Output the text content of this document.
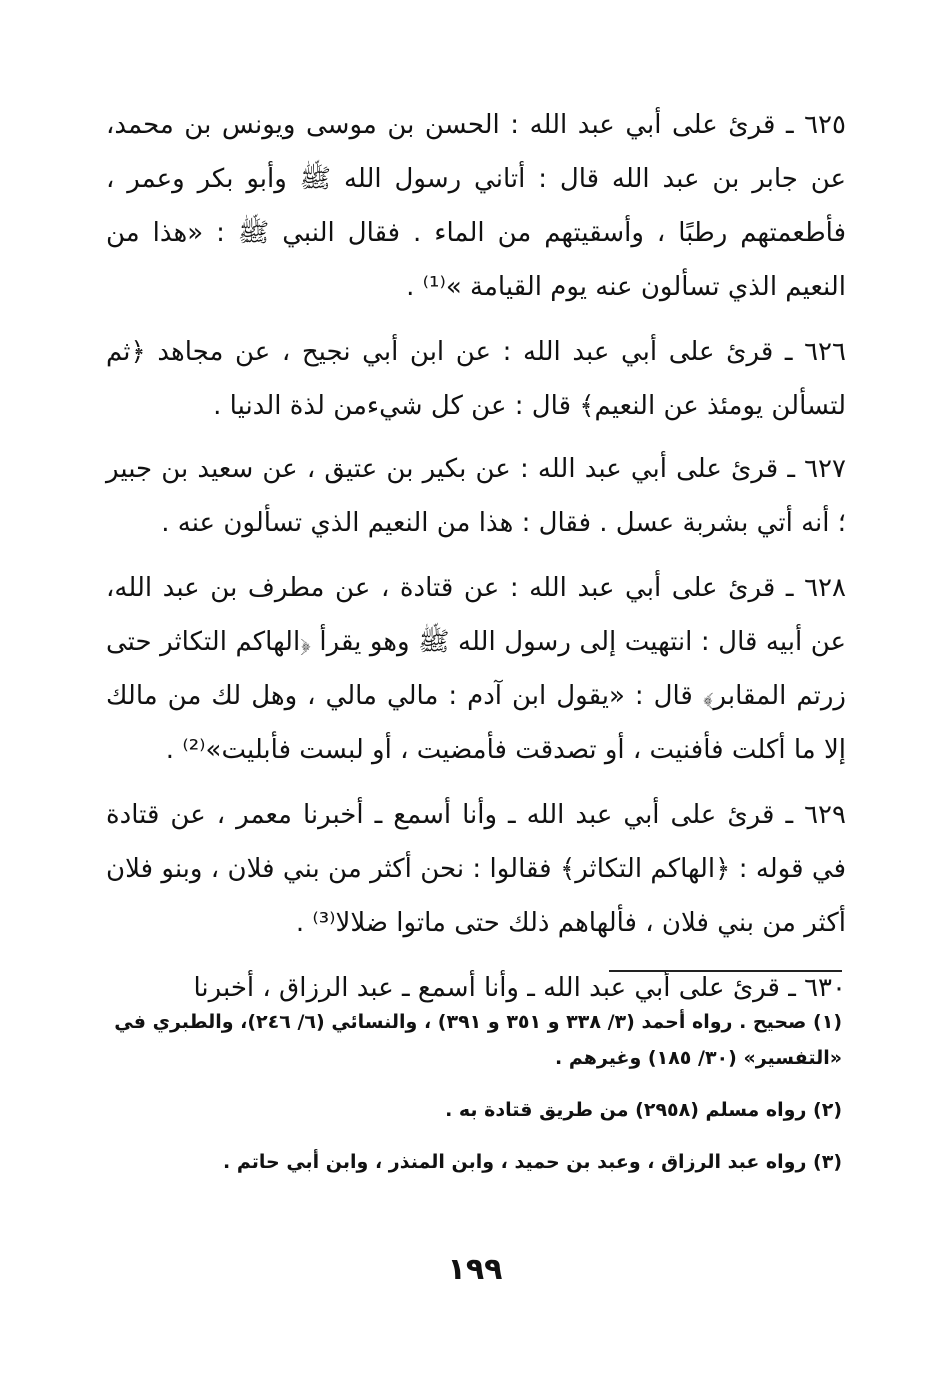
٦٢٥ ـ قرئ على أبي عبد الله : الحسن بن موسى ويونس بن محمد، عن جابر بن عبد الله قال : أتاني رسول الله ﷺ وأبو بكر وعمر ، فأطعمتهم رطبًا ، وأسقيتهم من الماء . فقال النبي ﷺ : «هذا من النعيم الذي تسألون عنه يوم القيامة »⁽¹⁾ .

٦٢٦ ـ قرئ على أبي عبد الله : عن ابن أبي نجيح ، عن مجاهد ﴿ثم لتسألن يومئذ عن النعيم﴾ قال : عن كل شيءمن لذة الدنيا .

٦٢٧ ـ قرئ على أبي عبد الله : عن بكير بن عتيق ، عن سعيد بن جبير ؛ أنه أتي بشربة عسل . فقال : هذا من النعيم الذي تسألون عنه .

٦٢٨ ـ قرئ على أبي عبد الله : عن قتادة ، عن مطرف بن عبد الله، عن أبيه قال : انتهيت إلى رسول الله ﷺ وهو يقرأ ﴿الهاكم التكاثر حتى زرتم المقابر﴾ قال : «يقول ابن آدم : مالي مالي ، وهل لك من مالك إلا ما أكلت فأفنيت ، أو تصدقت فأمضيت ، أو لبست فأبليت»⁽²⁾ .

٦٢٩ ـ قرئ على أبي عبد الله ـ وأنا أسمع ـ أخبرنا معمر ، عن قتادة في قوله : ﴿الهاكم التكاثر﴾ فقالوا : نحن أكثر من بني فلان ، وبنو فلان أكثر من بني فلان ، فألهاهم ذلك حتى ماتوا ضلالا⁽³⁾ .

٦٣٠ ـ قرئ على أبي عبد الله ـ وأنا أسمع ـ عبد الرزاق ، أخبرنا

(١) صحيح . رواه أحمد (٣/ ٣٣٨ و ٣٥١ و ٣٩١) ، والنسائي (٦/ ٢٤٦)، والطبري في «التفسير» (٣٠/ ١٨٥) وغيرهم .

(٢) رواه مسلم (٢٩٥٨) من طريق قتادة به .

(٣) رواه عبد الرزاق ، وعبد بن حميد ، وابن المنذر ، وابن أبي حاتم .

١٩٩
